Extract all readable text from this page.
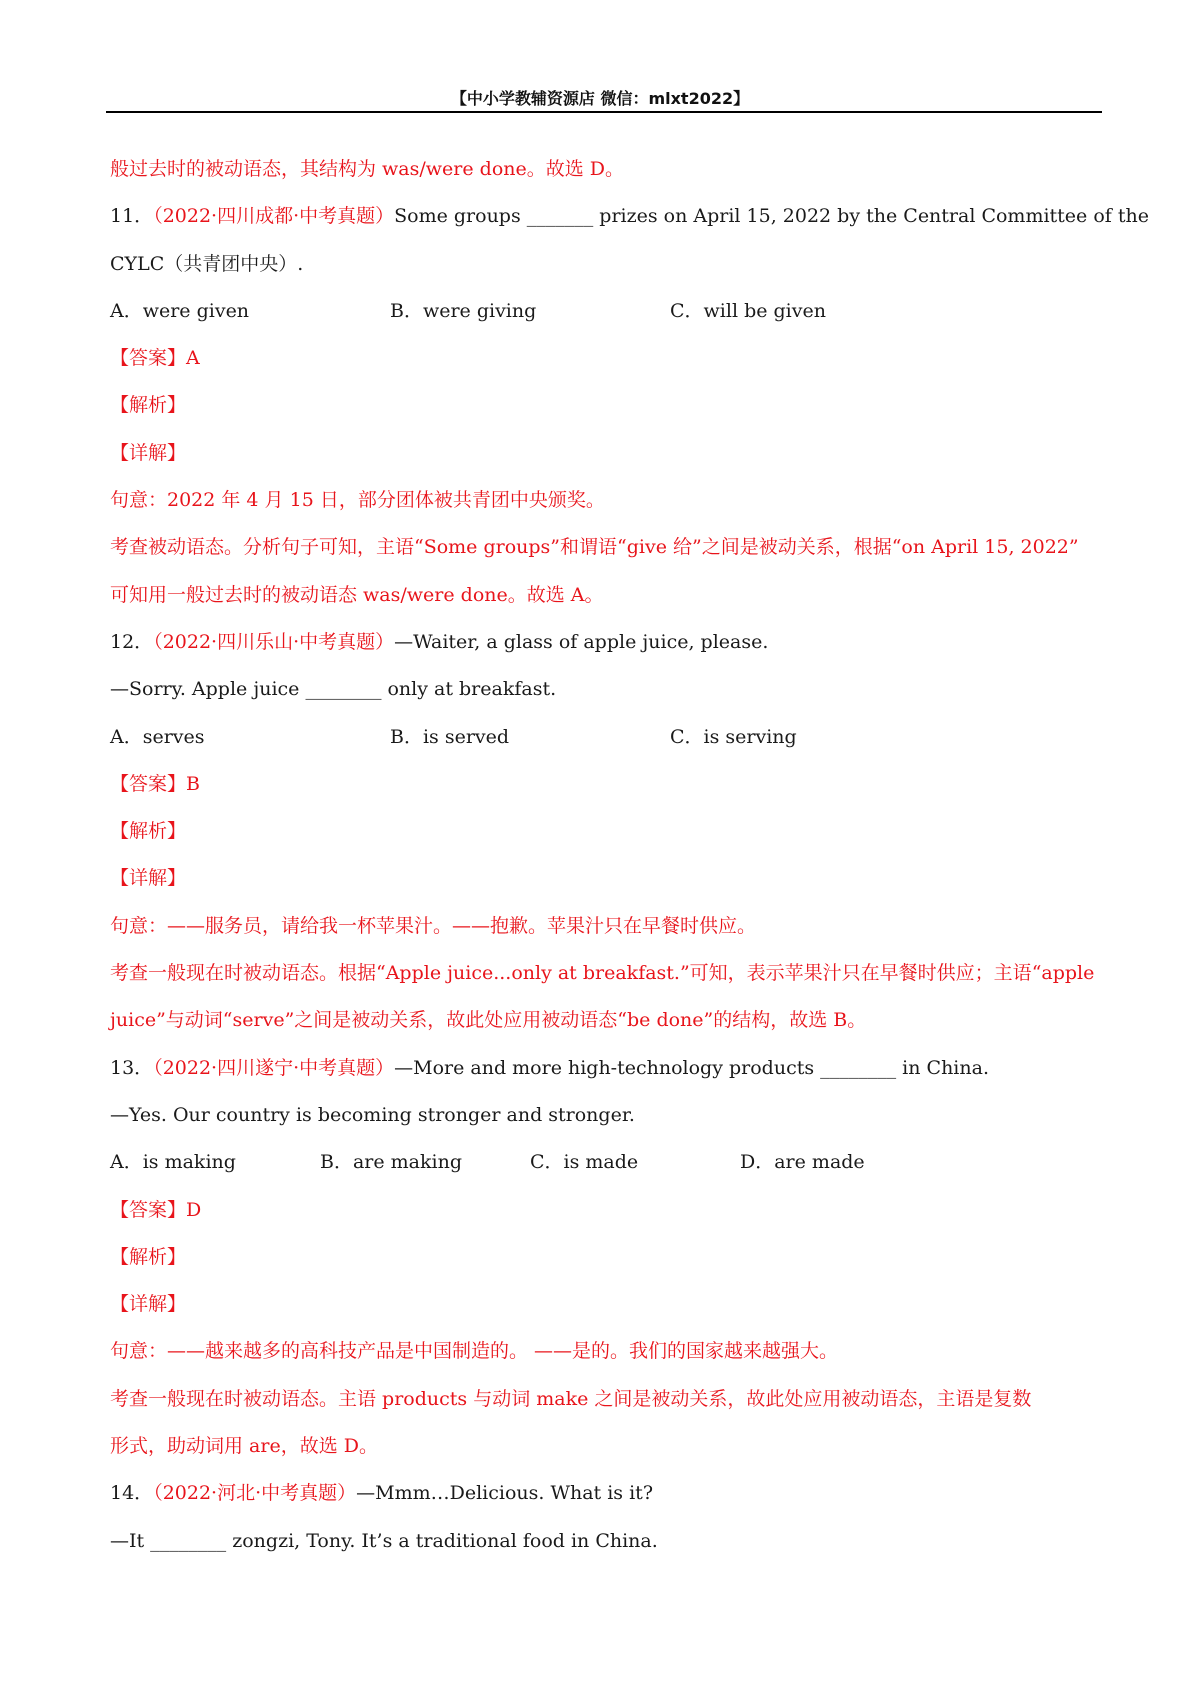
【中小学教辅资源店 微信：mlxt2022】
般过去时的被动语态，其结构为 was/were done。故选 D。
11．（2022·四川成都·中考真题）Some groups _______ prizes on April 15, 2022 by the Central Committee of the
CYLC（共青团中央）.
A．were given	B．were giving	C．will be given
【答案】A
【解析】
【详解】
句意：2022 年 4 月 15 日，部分团体被共青团中央颁奖。
考查被动语态。分析句子可知，主语“Some groups”和谓语“give 给”之间是被动关系，根据“on April 15, 2022”
可知用一般过去时的被动语态 was/were done。故选 A。
12．（2022·四川乐山·中考真题）—Waiter, a glass of apple juice, please.
—Sorry. Apple juice ________ only at breakfast.
A．serves	B．is served	C．is serving
【答案】B
【解析】
【详解】
句意：——服务员，请给我一杯苹果汁。——抱歉。苹果汁只在早餐时供应。
考查一般现在时被动语态。根据“Apple juice...only at breakfast.”可知，表示苹果汁只在早餐时供应；主语“apple
juice”与动词“serve”之间是被动关系，故此处应用被动语态“be done”的结构，故选 B。
13．（2022·四川遂宁·中考真题）—More and more high-technology products ________ in China.
—Yes. Our country is becoming stronger and stronger.
A．is making	B．are making	C．is made	D．are made
【答案】D
【解析】
【详解】
句意：——越来越多的高科技产品是中国制造的。 ——是的。我们的国家越来越强大。
考查一般现在时被动语态。主语 products 与动词 make 之间是被动关系，故此处应用被动语态，主语是复数
形式，助动词用 are，故选 D。
14．（2022·河北·中考真题）—Mmm…Delicious. What is it?
—It ________ zongzi, Tony. It’s a traditional food in China.
